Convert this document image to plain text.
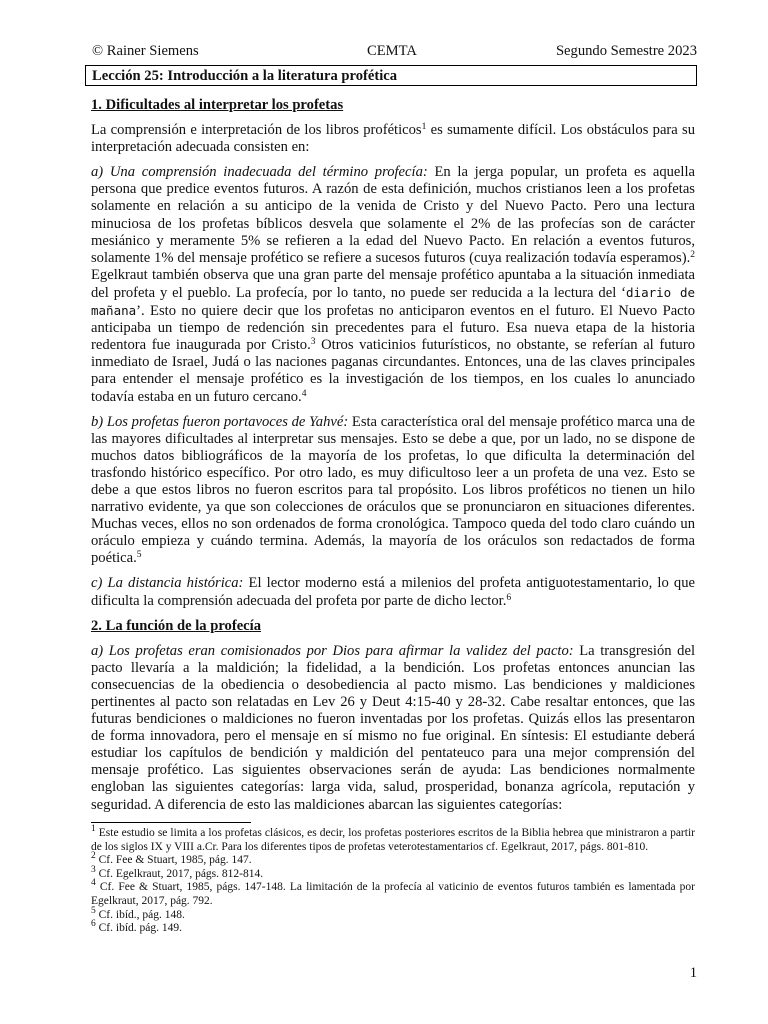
© Rainer Siemens	CEMTA	Segundo Semestre 2023
Lección 25: Introducción a la literatura profética
1. Dificultades al interpretar los profetas

La comprensión e interpretación de los libros proféticos$^1$ es sumamente difícil. Los obstáculos para su interpretación adecuada consisten en:

a) Una comprensión inadecuada del término profecía: En la jerga popular, un profeta es aquella persona que predice eventos futuros. A razón de esta definición, muchos cristianos leen a los profetas solamente en relación a su anticipo de la venida de Cristo y del Nuevo Pacto. Pero una lectura minuciosa de los profetas bíblicos desvela que solamente el 2% de las profecías son de carácter mesiánico y meramente 5% se refieren a la edad del Nuevo Pacto. En relación a eventos futuros, solamente 1% del mensaje profético se refiere a sucesos futuros (cuya realización todavía esperamos).$^2$ Egelkraut también observa que una gran parte del mensaje profético apuntaba a la situación inmediata del profeta y el pueblo. La profecía, por lo tanto, no puede ser reducida a la lectura del ‘diario de mañana’. Esto no quiere decir que los profetas no anticiparon eventos en el futuro. El Nuevo Pacto anticipaba un tiempo de redención sin precedentes para el futuro. Esa nueva etapa de la historia redentora fue inaugurada por Cristo.$^3$ Otros vaticinios futurísticos, no obstante, se referían al futuro inmediato de Israel, Judá o las naciones paganas circundantes. Entonces, una de las claves principales para entender el mensaje profético es la investigación de los tiempos, en los cuales lo anunciado todavía estaba en un futuro cercano.$^4$

b) Los profetas fueron portavoces de Yahvé: Esta característica oral del mensaje profético marca una de las mayores dificultades al interpretar sus mensajes. Esto se debe a que, por un lado, no se dispone de muchos datos bibliográficos de la mayoría de los profetas, lo que dificulta la determinación del trasfondo histórico específico. Por otro lado, es muy dificultoso leer a un profeta de una vez. Esto se debe a que estos libros no fueron escritos para tal propósito. Los libros proféticos no tienen un hilo narrativo evidente, ya que son colecciones de oráculos que se pronunciaron en situaciones diferentes. Muchas veces, ellos no son ordenados de forma cronológica. Tampoco queda del todo claro cuándo un oráculo empieza y cuándo termina. Además, la mayoría de los oráculos son redactados de forma poética.$^5$

c) La distancia histórica: El lector moderno está a milenios del profeta antiguotestamentario, lo que dificulta la comprensión adecuada del profeta por parte de dicho lector.$^6$

2. La función de la profecía

a) Los profetas eran comisionados por Dios para afirmar la validez del pacto: La transgresión del pacto llevaría a la maldición; la fidelidad, a la bendición. Los profetas entonces anuncian las consecuencias de la obediencia o desobediencia al pacto mismo. Las bendiciones y maldiciones pertinentes al pacto son relatadas en Lev 26 y Deut 4:15-40 y 28-32. Cabe resaltar entonces, que las futuras bendiciones o maldiciones no fueron inventadas por los profetas. Quizás ellos las presentaron de forma innovadora, pero el mensaje en sí mismo no fue original. En síntesis: El estudiante deberá estudiar los capítulos de bendición y maldición del pentateuco para una mejor comprensión del mensaje profético. Las siguientes observaciones serán de ayuda: Las bendiciones normalmente engloban las siguientes categorías: larga vida, salud, prosperidad, bonanza agrícola, reputación y seguridad. A diferencia de esto las maldiciones abarcan las siguientes categorías:

$^1$ Este estudio se limita a los profetas clásicos, es decir, los profetas posteriores escritos de la Biblia hebrea que ministraron a partir de los siglos IX y VIII a.Cr. Para los diferentes tipos de profetas veterotestamentarios cf. Egelkraut, 2017, págs. 801-810.

$^2$ Cf. Fee & Stuart, 1985, pág. 147.

$^3$ Cf. Egelkraut, 2017, págs. 812-814.

$^4$ Cf. Fee & Stuart, 1985, págs. 147-148. La limitación de la profecía al vaticinio de eventos futuros también es lamentada por Egelkraut, 2017, pág. 792.

$^5$ Cf. ibíd., pág. 148.

$^6$ Cf. ibíd. pág. 149.

1
